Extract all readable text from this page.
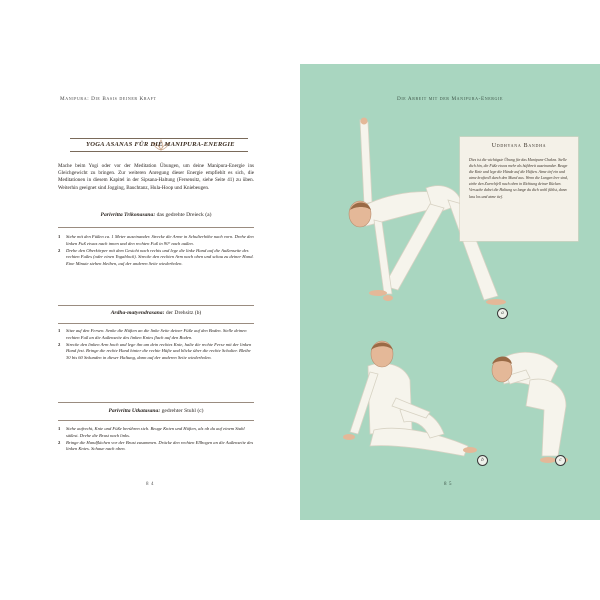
Manipura: Die Basis deiner Kraft
YOGA ASANAS FÜR DIE MANIPURA-ENERGIE
Mache beim Yogi oder vor der Meditation Übungen, um deine Manipura-Energie ins Gleichgewicht zu bringen. Zur weiteren Anregung dieser Energie empfiehlt es sich, die Meditationen in diesem Kapitel in der Sipsana-Haltung (Fersensitz, siehe Seite 41) zu üben. Weiterhin geeignet sind Jogging, Bauchtanz, Hula-Hoop und Kniebeugen.
Parivritta Trikonasana: das gedrehte Dreieck (a)
1 Stehe mit den Füßen ca. 1 Meter auseinander. Strecke die Arme in Schulterhöhe nach vorn. Drehe den linken Fuß etwas nach innen und den rechten Fuß in 90° nach außen.
2 Drehe den Oberkörper mit dem Gesicht nach rechts und lege die linke Hand auf die Außenseite des rechten Fußes (oder einen Yogablock). Strecke den rechten Arm nach oben und schau zu deiner Hand. Eine Minute stehen bleiben, auf der anderen Seite wiederholen.
Ardha-matyendrasana: der Drehsitz (b)
1 Sitze auf den Fersen. Senke die Hüften an die linke Seite deiner Füße auf den Boden. Stelle deinen rechten Fuß an die Außenseite des linken Knies flach auf den Boden.
2 Strecke den linken Arm hoch und lege ihn um dein rechtes Knie, halte die rechte Ferse mit der linken Hand fest. Bringe die rechte Hand hinter die rechte Hüfte und blicke über die rechte Schulter. Bleibe 30 bis 60 Sekunden in dieser Haltung, dann auf der anderen Seite wiederholen.
Parivritta Utkatasana: gedrehter Stuhl (c)
1 Stehe aufrecht, Knie und Füße berühren sich. Beuge Knien und Hüften, als ob du auf einem Stuhl säßest. Drehe die Brust nach links.
2 Bringe die Handflächen vor der Brust zusammen. Drücke den rechten Ellbogen an die Außenseite des linken Knies. Schaue nach oben.
8 4
Die Arbeit mit der Manipura-Energie
a
b	c
Uddhyana Bandha
Dies ist die wichtigste Übung für das Manipura-Chakra. Stelle dich hin, die Füße etwas mehr als hüftbreit auseinander. Beuge die Knie und lege die Hände auf die Hüften. Atme tief ein und atme kraftvoll durch den Mund aus. Wenn die Lungen leer sind, ziehe den Zwerchfell nach oben in Richtung deiner Rücken. Versuche dabei die Haltung so lange du dich wohl fühlst, dann lass los und atme tief.
8 5
